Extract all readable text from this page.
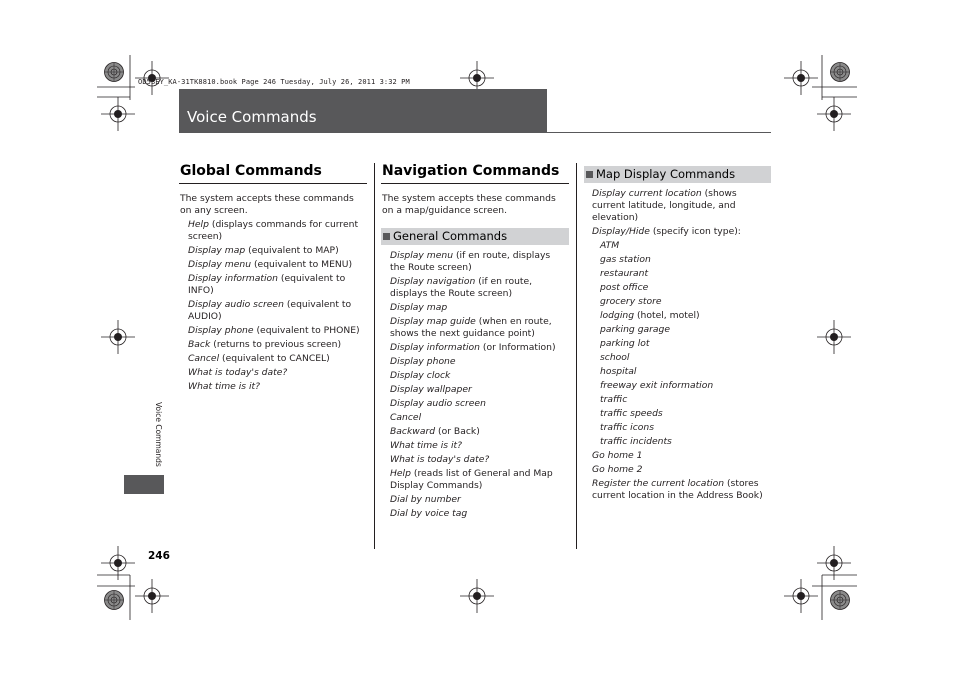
OD5SEY_KA-31TK8810.book Page 246 Tuesday, July 26, 2011 3:32 PM
Voice Commands
Voice Commands
246
Global Commands
The system accepts these commands on any screen.
Help (displays commands for current screen)
Display map (equivalent to MAP)
Display menu (equivalent to MENU)
Display information (equivalent to INFO)
Display audio screen (equivalent to AUDIO)
Display phone (equivalent to PHONE)
Back (returns to previous screen)
Cancel (equivalent to CANCEL)
What is today's date?
What time is it?
Navigation Commands
The system accepts these commands on a map/guidance screen.
General Commands
Display menu (if en route, displays the Route screen)
Display navigation (if en route, displays the Route screen)
Display map
Display map guide (when en route, shows the next guidance point)
Display information (or Information)
Display phone
Display clock
Display wallpaper
Display audio screen
Cancel
Backward (or Back)
What time is it?
What is today's date?
Help (reads list of General and Map Display Commands)
Dial by number
Dial by voice tag
Map Display Commands
Display current location (shows current latitude, longitude, and elevation)
Display/Hide (specify icon type):
ATM
gas station
restaurant
post office
grocery store
lodging (hotel, motel)
parking garage
parking lot
school
hospital
freeway exit information
traffic
traffic speeds
traffic icons
traffic incidents
Go home 1
Go home 2
Register the current location (stores current location in the Address Book)
